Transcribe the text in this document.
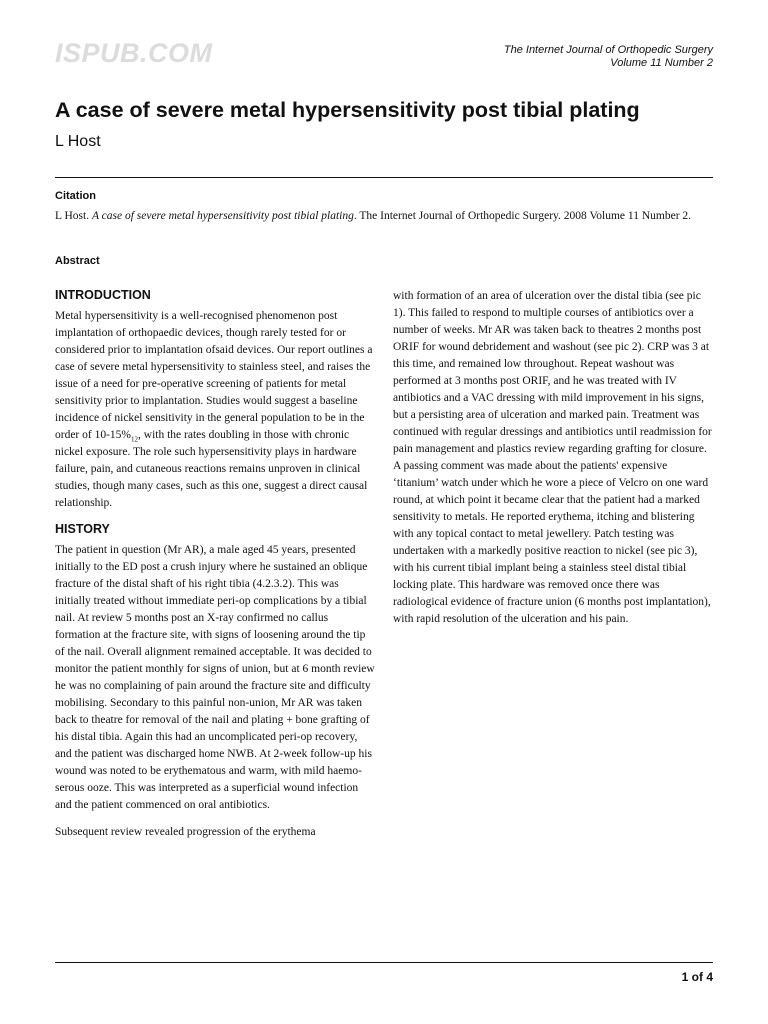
ISPUB.COM	The Internet Journal of Orthopedic Surgery
Volume 11 Number 2
A case of severe metal hypersensitivity post tibial plating
L Host
Citation
L Host. A case of severe metal hypersensitivity post tibial plating. The Internet Journal of Orthopedic Surgery. 2008 Volume 11 Number 2.
Abstract
INTRODUCTION

Metal hypersensitivity is a well-recognised phenomenon post implantation of orthopaedic devices, though rarely tested for or considered prior to implantation ofsaid devices. Our report outlines a case of severe metal hypersensitivity to stainless steel, and raises the issue of a need for pre-operative screening of patients for metal sensitivity prior to implantation. Studies would suggest a baseline incidence of nickel sensitivity in the general population to be in the order of $10-15\%_{12}$, with the rates doubling in those with chronic nickel exposure. The role such hypersensitivity plays in hardware failure, pain, and cutaneous reactions remains unproven in clinical studies, though many cases, such as this one, suggest a direct causal relationship.

HISTORY

The patient in question (Mr AR), a male aged 45 years, presented initially to the ED post a crush injury where he sustained an oblique fracture of the distal shaft of his right tibia (4.2.3.2). This was initially treated without immediate peri-op complications by a tibial nail. At review 5 months post an X-ray confirmed no callus formation at the fracture site, with signs of loosening around the tip of the nail. Overall alignment remained acceptable. It was decided to monitor the patient monthly for signs of union, but at 6 month review he was no complaining of pain around the fracture site and difficulty mobilising. Secondary to this painful non-union, Mr AR was taken back to theatre for removal of the nail and plating + bone grafting of his distal tibia. Again this had an uncomplicated peri-op recovery, and the patient was discharged home NWB. At 2-week follow-up his wound was noted to be erythematous and warm, with mild haemo-serous ooze. This was interpreted as a superficial wound infection and the patient commenced on oral antibiotics.

Subsequent review revealed progression of the erythema

with formation of an area of ulceration over the distal tibia (see pic 1). This failed to respond to multiple courses of antibiotics over a number of weeks. Mr AR was taken back to theatres 2 months post ORIF for wound debridement and washout (see pic 2). CRP was 3 at this time, and remained low throughout. Repeat washout was performed at 3 months post ORIF, and he was treated with IV antibiotics and a VAC dressing with mild improvement in his signs, but a persisting area of ulceration and marked pain. Treatment was continued with regular dressings and antibiotics until readmission for pain management and plastics review regarding grafting for closure. A passing comment was made about the patients' expensive ‘titanium’ watch under which he wore a piece of Velcro on one ward round, at which point it became clear that the patient had a marked sensitivity to metals. He reported erythema, itching and blistering with any topical contact to metal jewellery. Patch testing was undertaken with a markedly positive reaction to nickel (see pic 3), with his current tibial implant being a stainless steel distal tibial locking plate. This hardware was removed once there was radiological evidence of fracture union (6 months post implantation), with rapid resolution of the ulceration and his pain.

1 of 4
